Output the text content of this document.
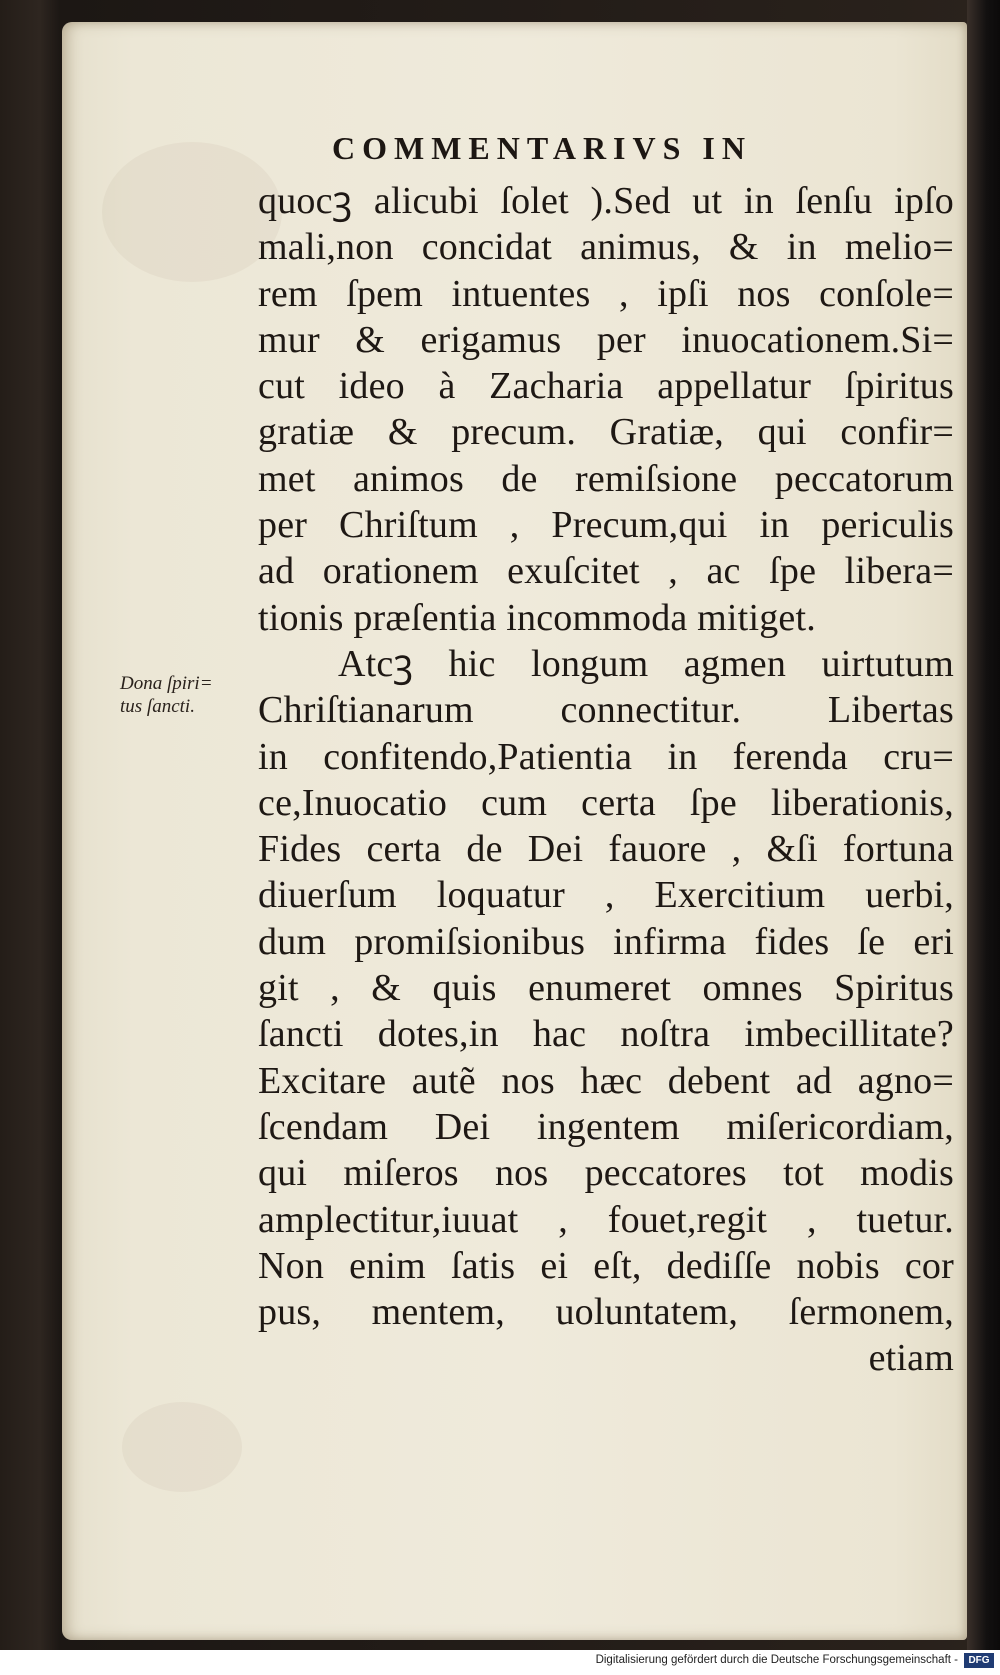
COMMENTARIVS IN
Dona ſpiri=
tus ſancti.
quocꝫ alicubi ſolet ).Sed ut in ſenſu ipſo
mali,non concidat animus, & in melio=
rem ſpem intuentes , ipſi nos conſole=
mur & erigamus per inuocationem.Si=
cut ideo à Zacharia appellatur ſpiritus
gratiæ & precum. Gratiæ, qui confir=
met animos de remiſsione peccatorum
per Chriſtum , Precum,qui in periculis
ad orationem exuſcitet , ac ſpe libera=
tionis præſentia incommoda mitiget.
Atcꝫ hic longum agmen uirtutum
Chriſtianarum connectitur. Libertas
in confitendo,Patientia in ferenda cru=
ce,Inuocatio cum certa ſpe liberationis,
Fides certa de Dei fauore , &ſi fortuna
diuerſum loquatur , Exercitium uerbi,
dum promiſsionibus infirma fides ſe eri
git , & quis enumeret omnes Spiritus
ſancti dotes,in hac noſtra imbecillitate?
Excitare autẽ nos hæc debent ad agno=
ſcendam Dei ingentem miſericordiam,
qui miſeros nos peccatores tot modis
amplectitur,iuuat , fouet,regit , tuetur.
Non enim ſatis ei eſt, dediſſe nobis cor
pus, mentem, uoluntatem, ſermonem,
etiam
Digitalisierung gefördert durch die Deutsche Forschungsgemeinschaft -	DFG
